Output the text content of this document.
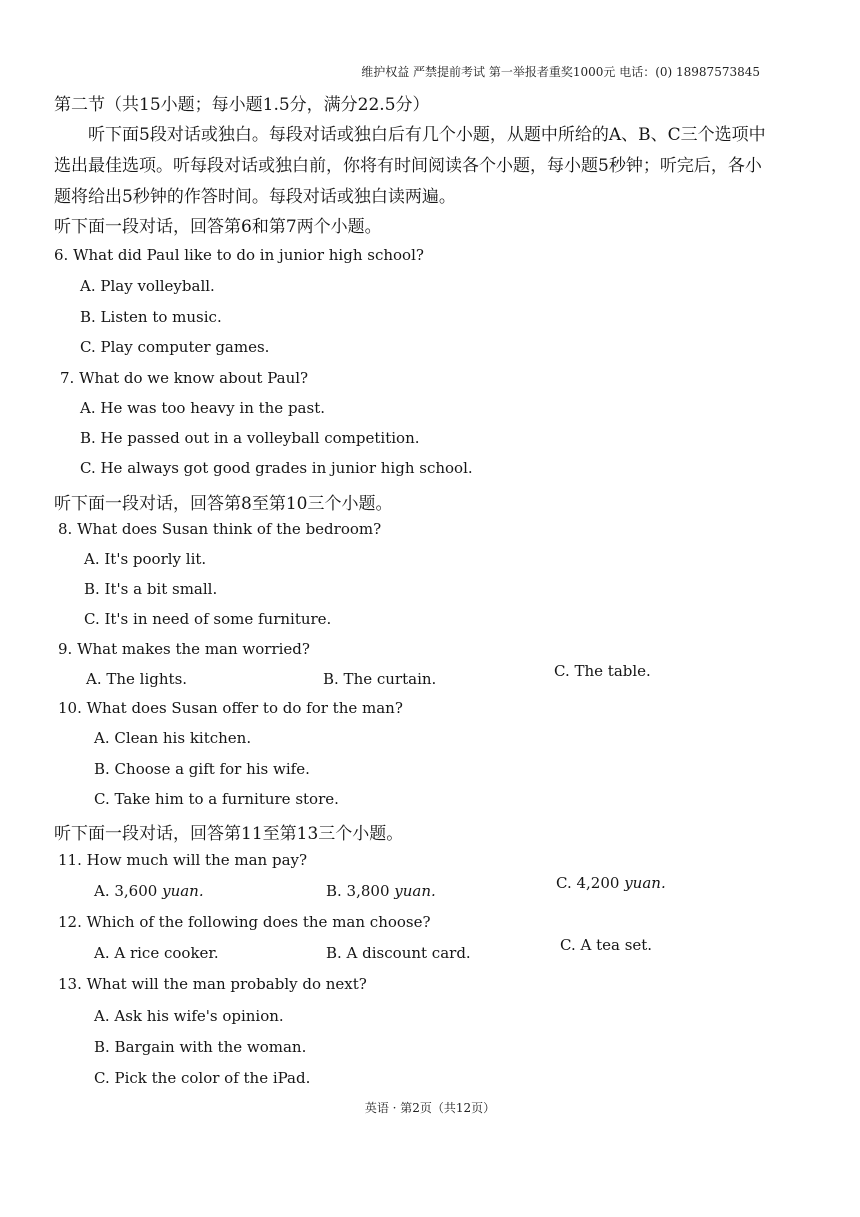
维护权益 严禁提前考试 第一举报者重奖1000元 电话：(0) 18987573845
第二节（共15小题；每小题1.5分，满分22.5分）
听下面5段对话或独白。每段对话或独白后有几个小题，从题中所给的A、B、C三个选项中选出最佳选项。听每段对话或独白前，你将有时间阅读各个小题，每小题5秒钟；听完后，各小题将给出5秒钟的作答时间。每段对话或独白读两遍。
听下面一段对话，回答第6和第7两个小题。
6. What did Paul like to do in junior high school?
A. Play volleyball.
B. Listen to music.
C. Play computer games.
7. What do we know about Paul?
A. He was too heavy in the past.
B. He passed out in a volleyball competition.
C. He always got good grades in junior high school.
听下面一段对话，回答第8至第10三个小题。
8. What does Susan think of the bedroom?
A. It's poorly lit.
B. It's a bit small.
C. It's in need of some furniture.
9. What makes the man worried?
A. The lights.	B. The curtain.	C. The table.
10. What does Susan offer to do for the man?
A. Clean his kitchen.
B. Choose a gift for his wife.
C. Take him to a furniture store.
听下面一段对话，回答第11至第13三个小题。
11. How much will the man pay?
A. 3,600 yuan.	B. 3,800 yuan.	C. 4,200 yuan.
12. Which of the following does the man choose?
A. A rice cooker.	B. A discount card.	C. A tea set.
13. What will the man probably do next?
A. Ask his wife's opinion.
B. Bargain with the woman.
C. Pick the color of the iPad.
英语 · 第2页（共12页）
